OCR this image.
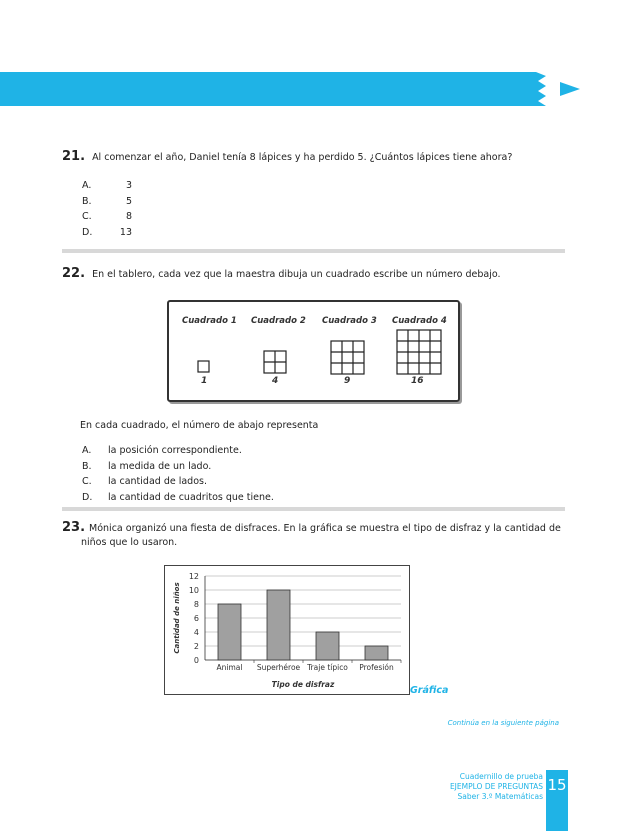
21. Al comenzar el año, Daniel tenía 8 lápices y ha perdido 5. ¿Cuántos lápices tiene ahora?
A.	3
B.	5
C.	8
D.	13
22. En el tablero, cada vez que la maestra dibuja un cuadrado escribe un número debajo.
Cuadrado 1 Cuadrado 2 Cuadrado 3 Cuadrado 4
1	4	9	16
En cada cuadrado, el número de abajo representa
A.	la posición correspondiente.
B.	la medida de un lado.
C.	la cantidad de lados.
D.	la cantidad de cuadritos que tiene.
23. Mónica organizó una fiesta de disfraces. En la gráfica se muestra el tipo de disfraz y la cantidad de
niños que lo usaron.
0
2
4
6
8
10
12
Animal Superhéroe Traje típico Profesión
Tipo de disfraz
Cantidad de niños
Gráfica
Continúa en la siguiente página
Cuadernillo de prueba
EJEMPLO DE PREGUNTAS
Saber 3.º Matemáticas
15
